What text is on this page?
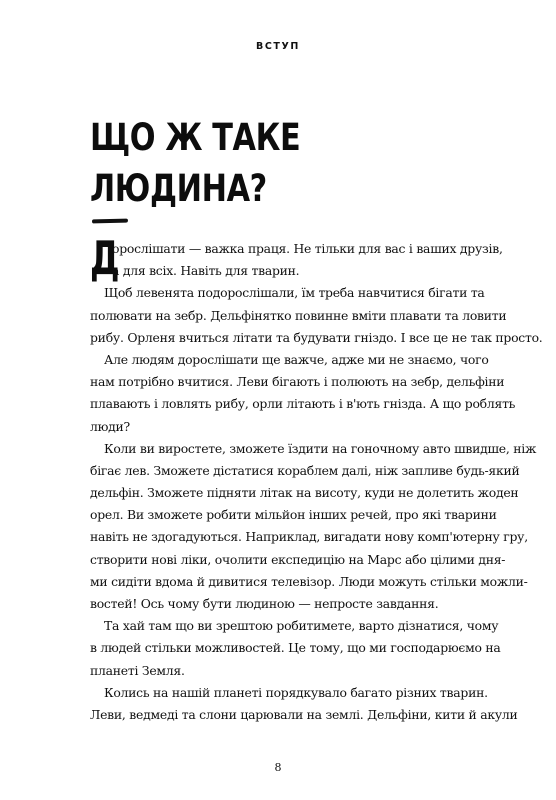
ВСТУП
ЩО Ж ТАКЕ
ЛЮДИНА?
Д
орослішати — важка праця. Не тільки для вас і ваших друзів,
а для всіх. Навіть для тварин.
Щоб левенята подорослішали, їм треба навчитися бігати та
полювати на зебр. Дельфінятко повинне вміти плавати та ловити
рибу. Орленя вчиться літати та будувати гніздо. І все це не так просто.
Але людям дорослішати ще важче, адже ми не знаємо, чого
нам потрібно вчитися. Леви бігають і полюють на зебр, дельфіни
плавають і ловлять рибу, орли літають і в'ють гнізда. А що роблять
люди?
Коли ви виростете, зможете їздити на гоночному авто швидше, ніж
бігає лев. Зможете дістатися кораблем далі, ніж запливе будь-який
дельфін. Зможете підняти літак на висоту, куди не долетить жоден
орел. Ви зможете робити мільйон інших речей, про які тварини
навіть не здогадуються. Наприклад, вигадати нову комп'ютерну гру,
створити нові ліки, очолити експедицію на Марс або цілими дня-
ми сидіти вдома й дивитися телевізор. Люди можуть стільки можли-
востей! Ось чому бути людиною — непросте завдання.
Та хай там що ви зрештою робитимете, варто дізнатися, чому
в людей стільки можливостей. Це тому, що ми господарюємо на
планеті Земля.
Колись на нашій планеті порядкувало багато різних тварин.
Леви, ведмеді та слони царювали на землі. Дельфіни, кити й акули
8
